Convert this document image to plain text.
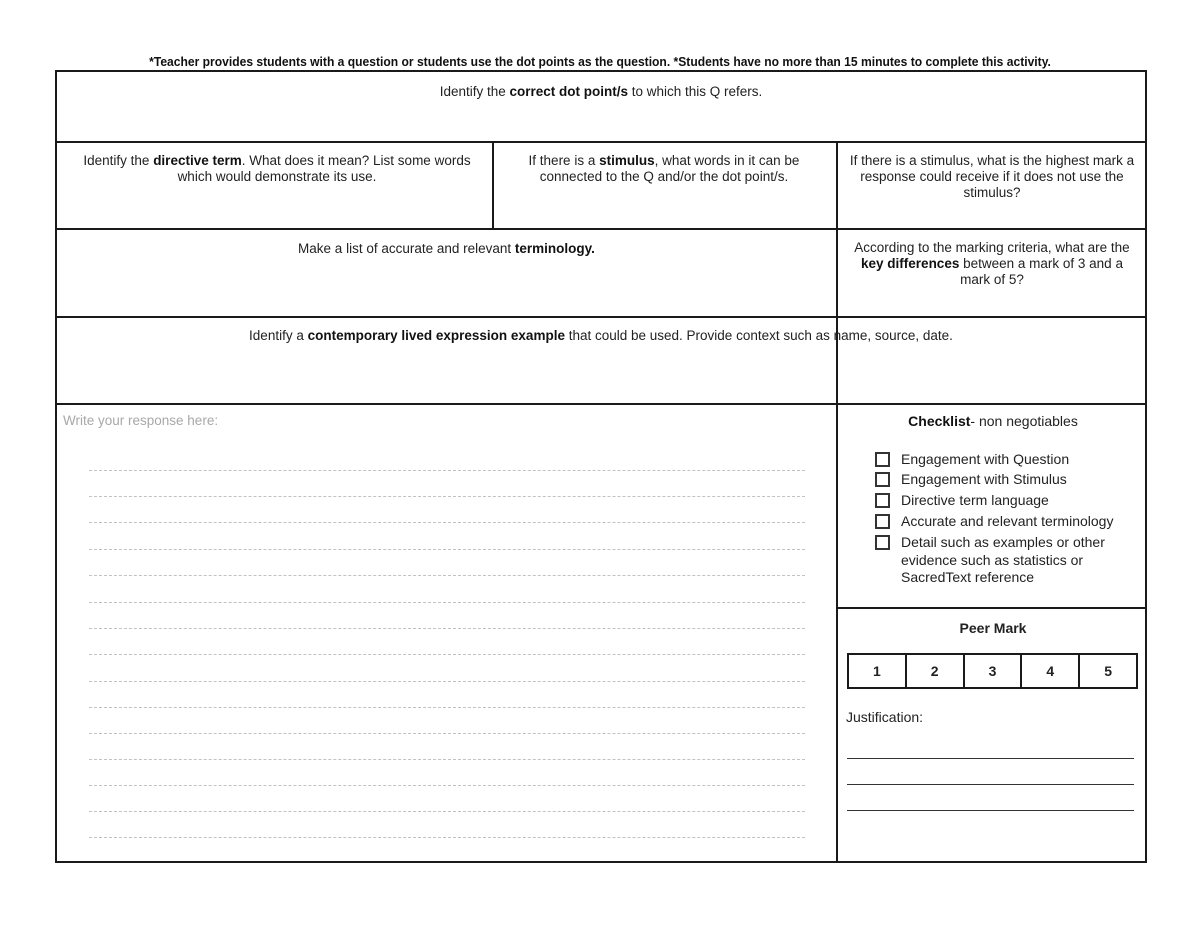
*Teacher provides students with a question or students use the dot points as the question. *Students have no more than 15 minutes to complete this activity.
Identify the correct dot point/s to which this Q refers.
Identify the directive term. What does it mean? List some words which would demonstrate its use.
If there is a stimulus, what words in it can be connected to the Q and/or the dot point/s.
If there is a stimulus, what is the highest mark a response could receive if it does not use the stimulus?
Make a list of accurate and relevant terminology.	According to the marking criteria, what are the key differences between a mark of 3 and a mark of 5?
Identify a contemporary lived expression example that could be used. Provide context such as name, source, date.
Write your response here:	Checklist- non negotiables
Engagement with Question
Engagement with Stimulus
Directive term language
Accurate and relevant terminology
Detail such as examples or other evidence such as statistics or SacredText reference
Peer Mark
1	2	3	4	5
Justification:
